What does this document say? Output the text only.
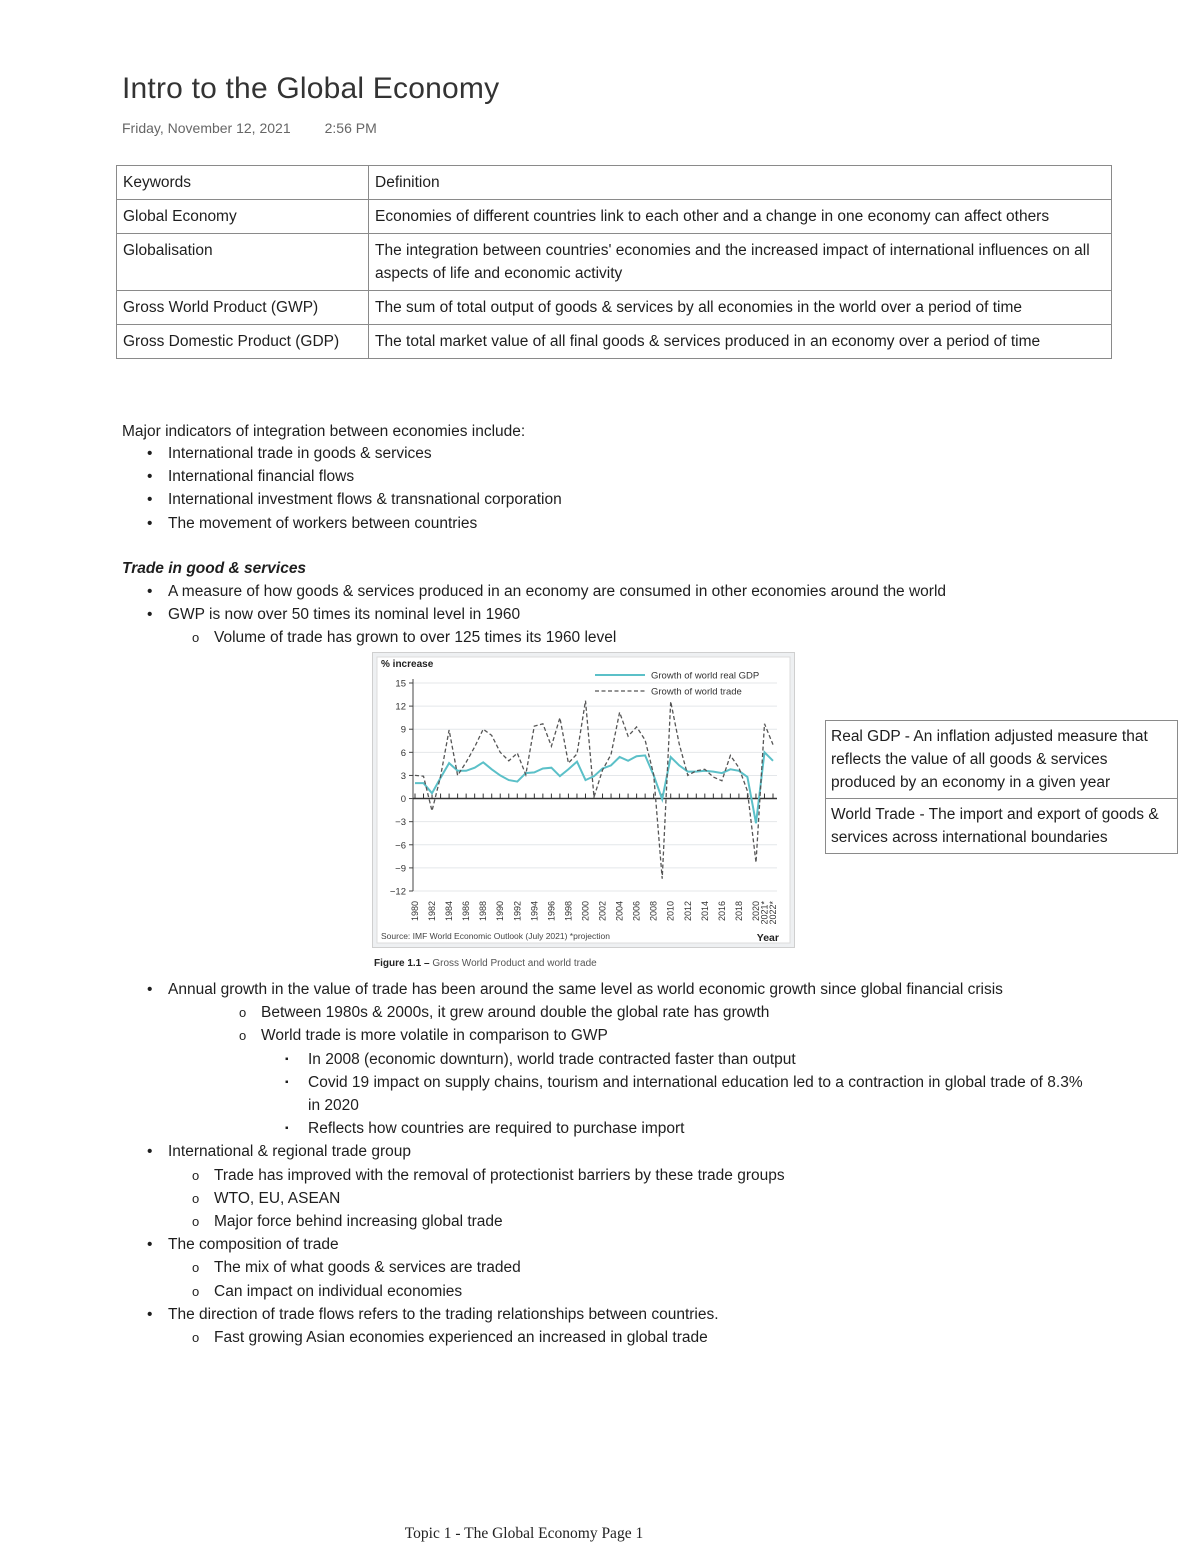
Intro to the Global Economy
Friday, November 12, 2021 2:56 PM
Keywords	Definition
Global Economy	Economies of different countries link to each other and a change in one economy can affect others
Globalisation	The integration between countries' economies and the increased impact of international influences on all aspects of life and economic activity
Gross World Product (GWP)	The sum of total output of goods & services by all economies in the world over a period of time
Gross Domestic Product (GDP)	The total market value of all final goods & services produced in an economy over a period of time
Major indicators of integration between economies include:
• International trade in goods & services
• International financial flows
• International investment flows & transnational corporation
• The movement of workers between countries
Trade in good & services
• A measure of how goods & services produced in an economy are consumed in other economies around the world
• GWP is now over 50 times its nominal level in 1960
o Volume of trade has grown to over 125 times its 1960 level
% increase
15
12
9
6
3
0
−3
−6
−9
−12
1980 1982 1984 1986 1988 1990 1992 1994 1996 1998 2000 2002 2004 2006 2008 2010 2012 2014 2016 2018 2020
2021*
2022*
Growth of world real GDP
Growth of world trade
Source: IMF World Economic Outlook (July 2021) *projection	Year
Figure 1.1 – Gross World Product and world trade
Real GDP - An inflation adjusted measure that reflects the value of all goods & services produced by an economy in a given year
World Trade - The import and export of goods & services across international boundaries
• Annual growth in the value of trade has been around the same level as world economic growth since global financial crisis
o Between 1980s & 2000s, it grew around double the global rate has growth
o World trade is more volatile in comparison to GWP
▪ In 2008 (economic downturn), world trade contracted faster than output
▪ Covid 19 impact on supply chains, tourism and international education led to a contraction in global trade of 8.3% in 2020
▪ Reflects how countries are required to purchase import
• International & regional trade group
o Trade has improved with the removal of protectionist barriers by these trade groups
o WTO, EU, ASEAN
o Major force behind increasing global trade
• The composition of trade
o The mix of what goods & services are traded
o Can impact on individual economies
• The direction of trade flows refers to the trading relationships between countries.
o Fast growing Asian economies experienced an increased in global trade
Topic 1 - The Global Economy Page 1
